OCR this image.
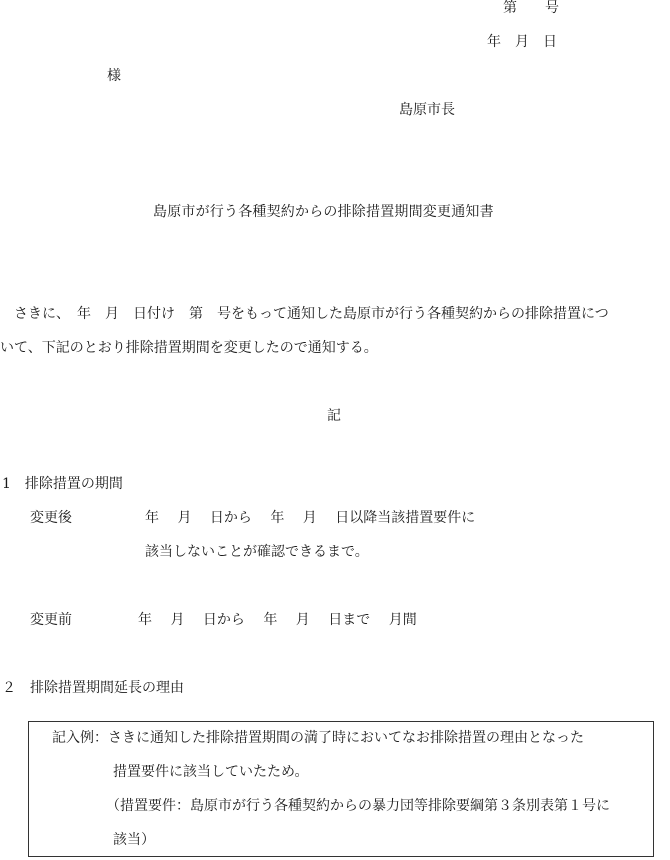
第　　号
年　月　日
様
島原市長
島原市が行う各種契約からの排除措置期間変更通知書
さきに、　年　月　日付け　第　号をもって通知した島原市が行う各種契約からの排除措置につ
いて、下記のとおり排除措置期間を変更したので通知する。
記
1　排除措置の期間
変更後	年　 月　 日から　 年　 月　 日以降当該措置要件に
該当しないことが確認できるまで。
変更前	年　 月　 日から　 年　 月　 日まで　 月間
２　排除措置期間延長の理由
記入例：さきに通知した排除措置期間の満了時においてなお排除措置の理由となった
措置要件に該当していたため。
（措置要件：島原市が行う各種契約からの暴力団等排除要綱第３条別表第１号に
該当）
